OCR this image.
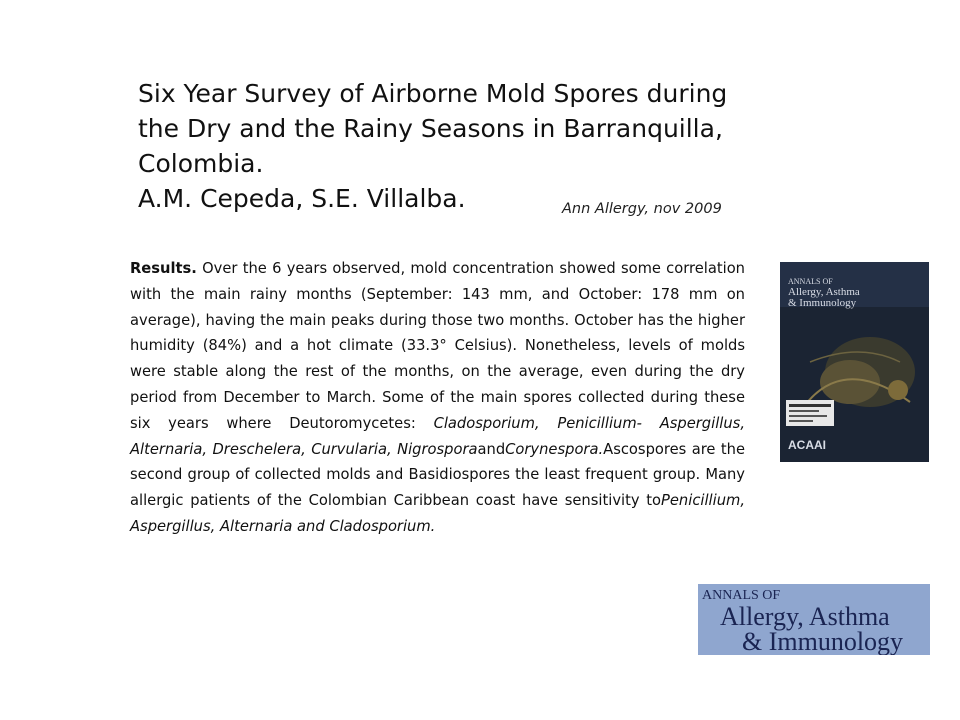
Six Year Survey of Airborne Mold Spores during
the Dry and the Rainy Seasons in Barranquilla,
Colombia.
A.M. Cepeda, S.E. Villalba.	Ann Allergy, nov 2009

Results. Over the 6 years observed, mold concentration showed some correlation with the main rainy months (September: 143 mm, and October: 178 mm on average), having the main peaks during those two months. October has the higher humidity (84%) and a hot climate (33.3° Celsius). Nonetheless, levels of molds were stable along the rest of the months, on the average, even during the dry period from December to March. Some of the main spores collected during these six years where Deutoromycetes: Cladosporium, Penicillium- Aspergillus, Alternaria, Dreschelera, Curvularia, NigrosporaandCorynespora.Ascospores are the second group of collected molds and Basidiospores the least frequent group. Many allergic patients of the Colombian Caribbean coast have sensitivity toPenicillium, Aspergillus, Alternaria and Cladosporium.

ANNALS OF
Allergy, Asthma
& Immunology
ACAAI
ANNALS OF
Allergy, Asthma
& Immunology
